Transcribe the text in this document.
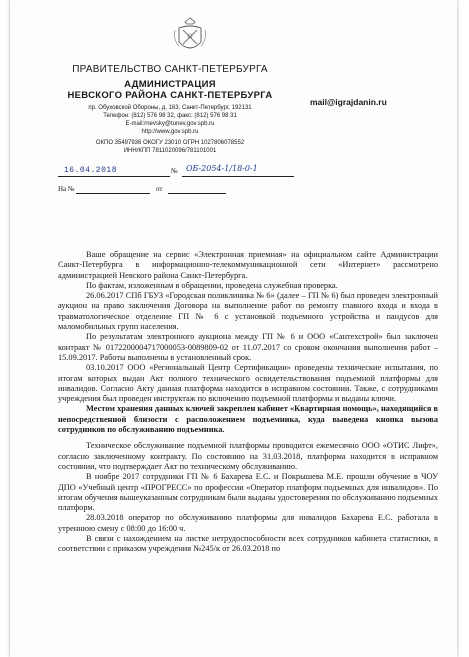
ПРАВИТЕЛЬСТВО САНКТ-ПЕТЕРБУРГА

АДМИНИСТРАЦИЯ

НЕВСКОГО РАЙОНА САНКТ-ПЕТЕРБУРГА

пр. Обуховской Обороны, д. 163, Санкт-Петербург, 192131

Телефон: (812) 576 98 32, факс: (812) 576 98 31

E-mail:rnevsky@tunev.gov.spb.ru

http://www.gov.spb.ru

ОКПО 35497936 ОКОГУ 23010 ОГРН 1027806078552

ИНН/КПП 7811020096/781101001

mail@igrajdanin.ru
16.04.2018	№ ОБ-2054-1/18-0-1
На №	от

Ваше обращение на сервис «Электронная приемная» на официальном сайте Администрации Санкт-Петербурга в информационно-телекоммуникационной сети «Интернет» рассмотрено администрацией Невского района Санкт-Петербурга.

По фактам, изложенным в обращении, проведена служебная проверка.

26.06.2017 СПб ГБУЗ «Городская поликлиника № 6» (далее – ГП № 6) был проведен электронный аукцион на право заключения Договора на выполнение работ по ремонту главного входа и входа в травматологическое отделение ГП № 6 с установкой подъемного устройства и пандусов для маломобильных групп населения.

По результатам электронного аукциона между ГП № 6 и ООО «Сантехстрой» был заключен контракт № 0172200004717000053-0089809-02 от 11.07.2017 со сроком окончания выполнения работ – 15.09.2017. Работы выполнены в установленный срок.

03.10.2017 ООО «Региональный Центр Сертификации» проведены технические испытания, по итогам которых выдан Акт полного технического освидетельствования подъемной платформы для инвалидов. Согласно Акту данная платформа находится в исправном состоянии. Также, с сотрудниками учреждения был проведен инструктаж по включению подъемной платформы и выданы ключи.

Местом хранения данных ключей закреплен кабинет «Квартирная помощь», находящийся в непосредственной близости с расположением подъемника, куда выведена кнопка вызова сотрудников по обслуживанию подъемника.

Техническое обслуживание подъемной платформы проводится ежемесячно ООО «ОТИС Лифт», согласно заключенному контракту. По состоянию на 31.03.2018, платформа находится в исправном состоянии, что подтверждает Акт по техническому обслуживанию.

В ноябре 2017 сотрудники ГП № 6 Бахарева Е.С. и Покрышева М.Е. прошли обучение в ЧОУ ДПО «Учебный центр «ПРОГРЕСС» по профессии «Оператор платформ подъемных для инвалидов». По итогам обучения вышеуказанным сотрудникам были выданы удостоверения по обслуживанию подъемных платформ.

28.03.2018 оператор по обслуживанию платформы для инвалидов Бахарева Е.С. работала в утреннюю смену с 08:00 до 16:00 ч.

В связи с нахождением на листке нетрудоспособности всех сотрудников кабинета статистики, в соответствии с приказом учреждения №245/к от 26.03.2018 по
